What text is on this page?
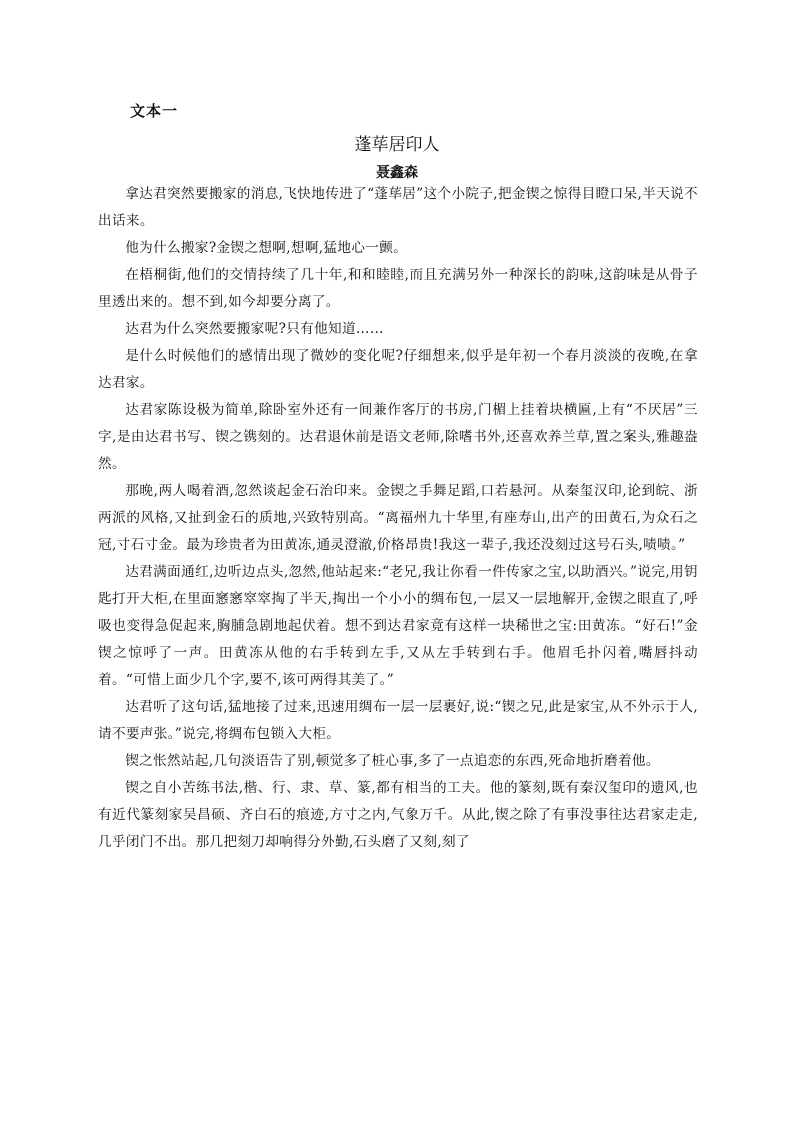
文本一
蓬荜居印人
聂鑫森

拿达君突然要搬家的消息,飞快地传进了“蓬荜居”这个小院子,把金锲之惊得目瞪口呆,半天说不出话来。

他为什么搬家?金锲之想啊,想啊,猛地心一颤。

在梧桐街,他们的交情持续了几十年,和和睦睦,而且充满另外一种深长的韵味,这韵味是从骨子里透出来的。想不到,如今却要分离了。

达君为什么突然要搬家呢?只有他知道……

是什么时候他们的感情出现了微妙的变化呢?仔细想来,似乎是年初一个春月淡淡的夜晚,在拿达君家。

达君家陈设极为简单,除卧室外还有一间兼作客厅的书房,门楣上挂着块横匾,上有“不厌居”三字,是由达君书写、锲之镌刻的。达君退休前是语文老师,除嗜书外,还喜欢养兰草,置之案头,雅趣盎然。

那晚,两人喝着酒,忽然谈起金石治印来。金锲之手舞足蹈,口若悬河。从秦玺汉印,论到皖、浙两派的风格,又扯到金石的质地,兴致特别高。“离福州九十华里,有座寿山,出产的田黄石,为众石之冠,寸石寸金。最为珍贵者为田黄冻,通灵澄澈,价格昂贵!我这一辈子,我还没刻过这号石头,啧啧。”

达君满面通红,边听边点头,忽然,他站起来:“老兄,我让你看一件传家之宝,以助酒兴。”说完,用钥匙打开大柜,在里面窸窸窣窣掏了半天,掏出一个小小的绸布包,一层又一层地解开,金锲之眼直了,呼吸也变得急促起来,胸脯急剧地起伏着。想不到达君家竟有这样一块稀世之宝:田黄冻。“好石!”金锲之惊呼了一声。田黄冻从他的右手转到左手,又从左手转到右手。他眉毛扑闪着,嘴唇抖动着。“可惜上面少几个字,要不,该可两得其美了。”

达君听了这句话,猛地接了过来,迅速用绸布一层一层裹好,说:“锲之兄,此是家宝,从不外示于人,请不要声张。”说完,将绸布包锁入大柜。

锲之怅然站起,几句淡语告了别,顿觉多了桩心事,多了一点追恋的东西,死命地折磨着他。

锲之自小苦练书法,楷、行、隶、草、篆,都有相当的工夫。他的篆刻,既有秦汉玺印的遗风,也有近代篆刻家吴昌硕、齐白石的痕迹,方寸之内,气象万千。从此,锲之除了有事没事往达君家走走,几乎闭门不出。那几把刻刀却响得分外勤,石头磨了又刻,刻了
